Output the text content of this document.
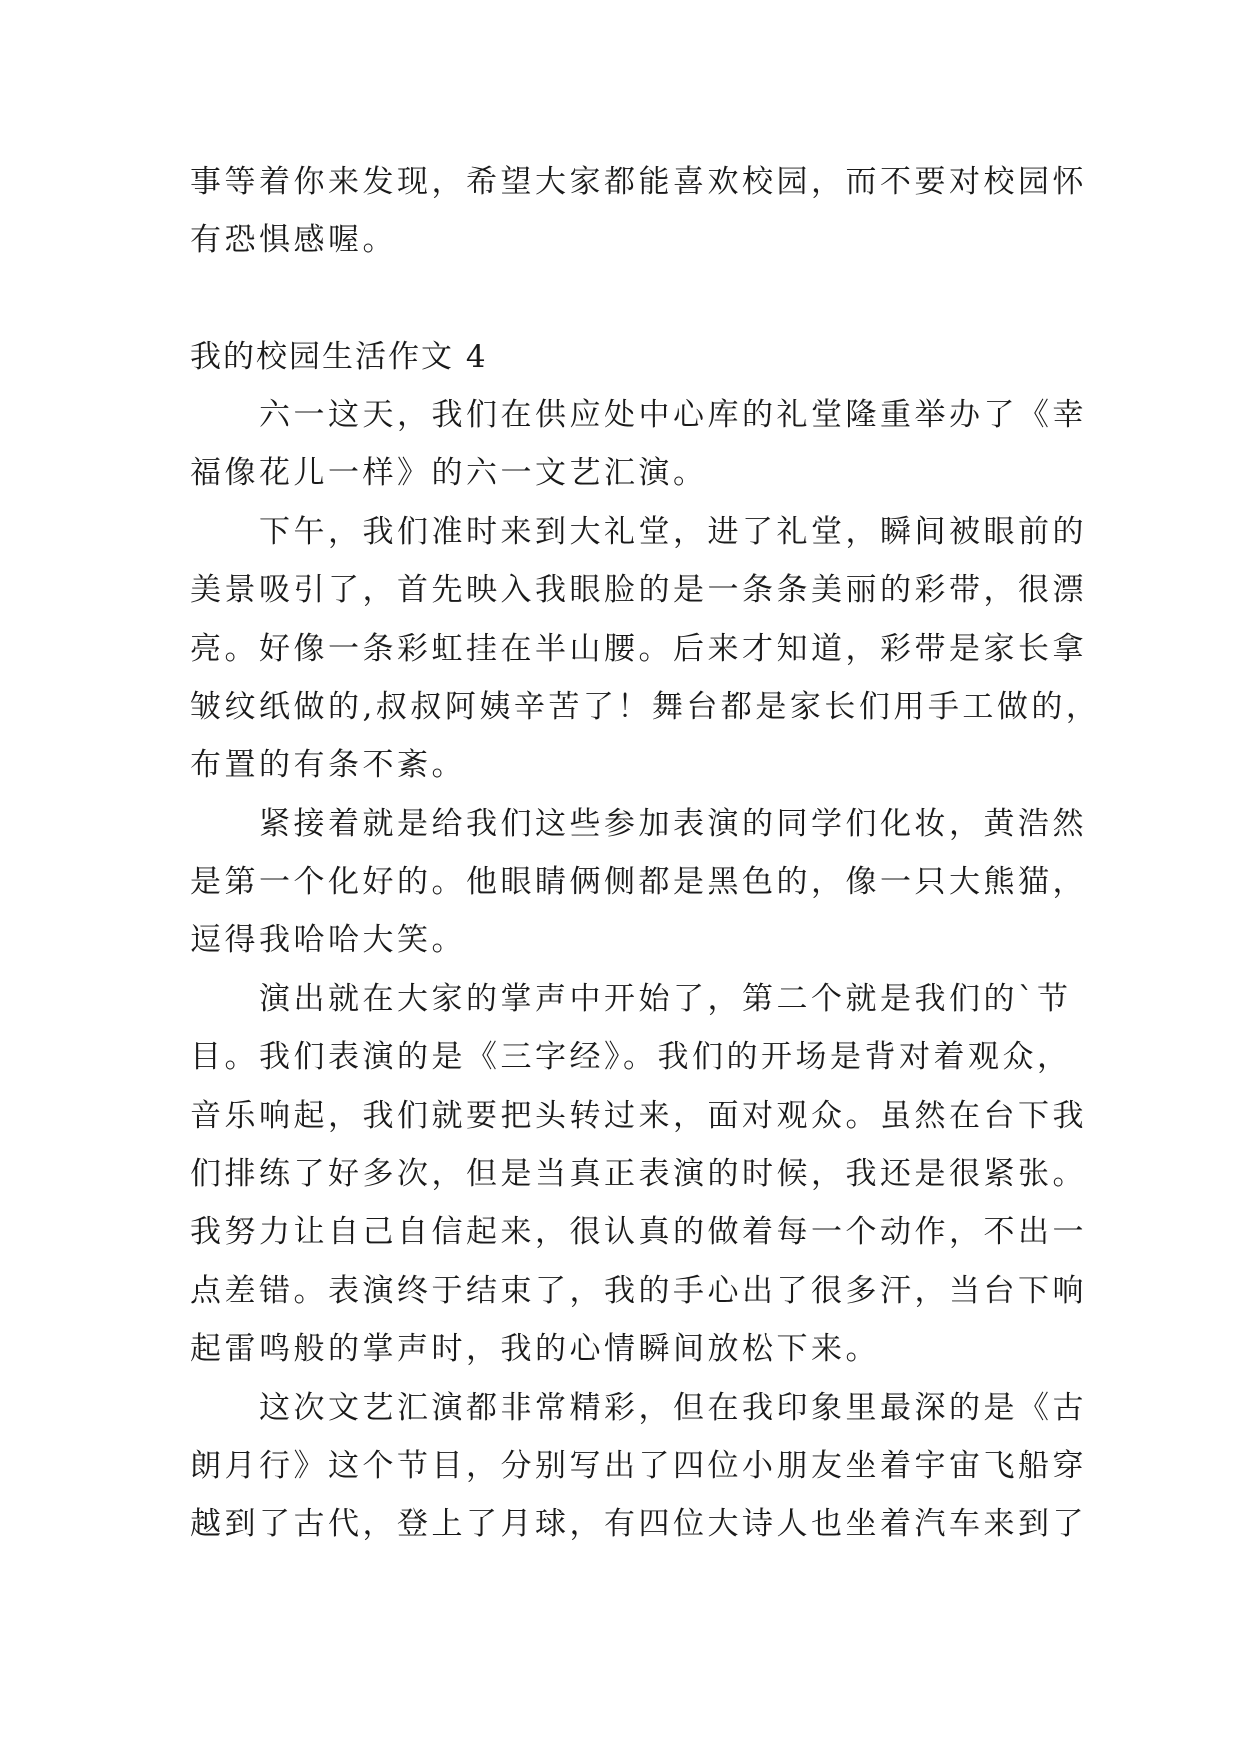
事等着你来发现，希望大家都能喜欢校园，而不要对校园怀

有恐惧感喔。

我的校园生活作文 4

　　六一这天，我们在供应处中心库的礼堂隆重举办了《幸

福像花儿一样》的六一文艺汇演。

　　下午，我们准时来到大礼堂，进了礼堂，瞬间被眼前的

美景吸引了，首先映入我眼脸的是一条条美丽的彩带，很漂

亮。好像一条彩虹挂在半山腰。后来才知道，彩带是家长拿

皱纹纸做的,叔叔阿姨辛苦了！舞台都是家长们用手工做的，

布置的有条不紊。

　　紧接着就是给我们这些参加表演的同学们化妆，黄浩然

是第一个化好的。他眼睛俩侧都是黑色的，像一只大熊猫，

逗得我哈哈大笑。

　　演出就在大家的掌声中开始了，第二个就是我们的`节

目。我们表演的是《三字经》。我们的开场是背对着观众，

音乐响起，我们就要把头转过来，面对观众。虽然在台下我

们排练了好多次，但是当真正表演的时候，我还是很紧张。

我努力让自己自信起来，很认真的做着每一个动作，不出一

点差错。表演终于结束了，我的手心出了很多汗，当台下响

起雷鸣般的掌声时，我的心情瞬间放松下来。

　　这次文艺汇演都非常精彩，但在我印象里最深的是《古

朗月行》这个节目，分别写出了四位小朋友坐着宇宙飞船穿

越到了古代，登上了月球，有四位大诗人也坐着汽车来到了
